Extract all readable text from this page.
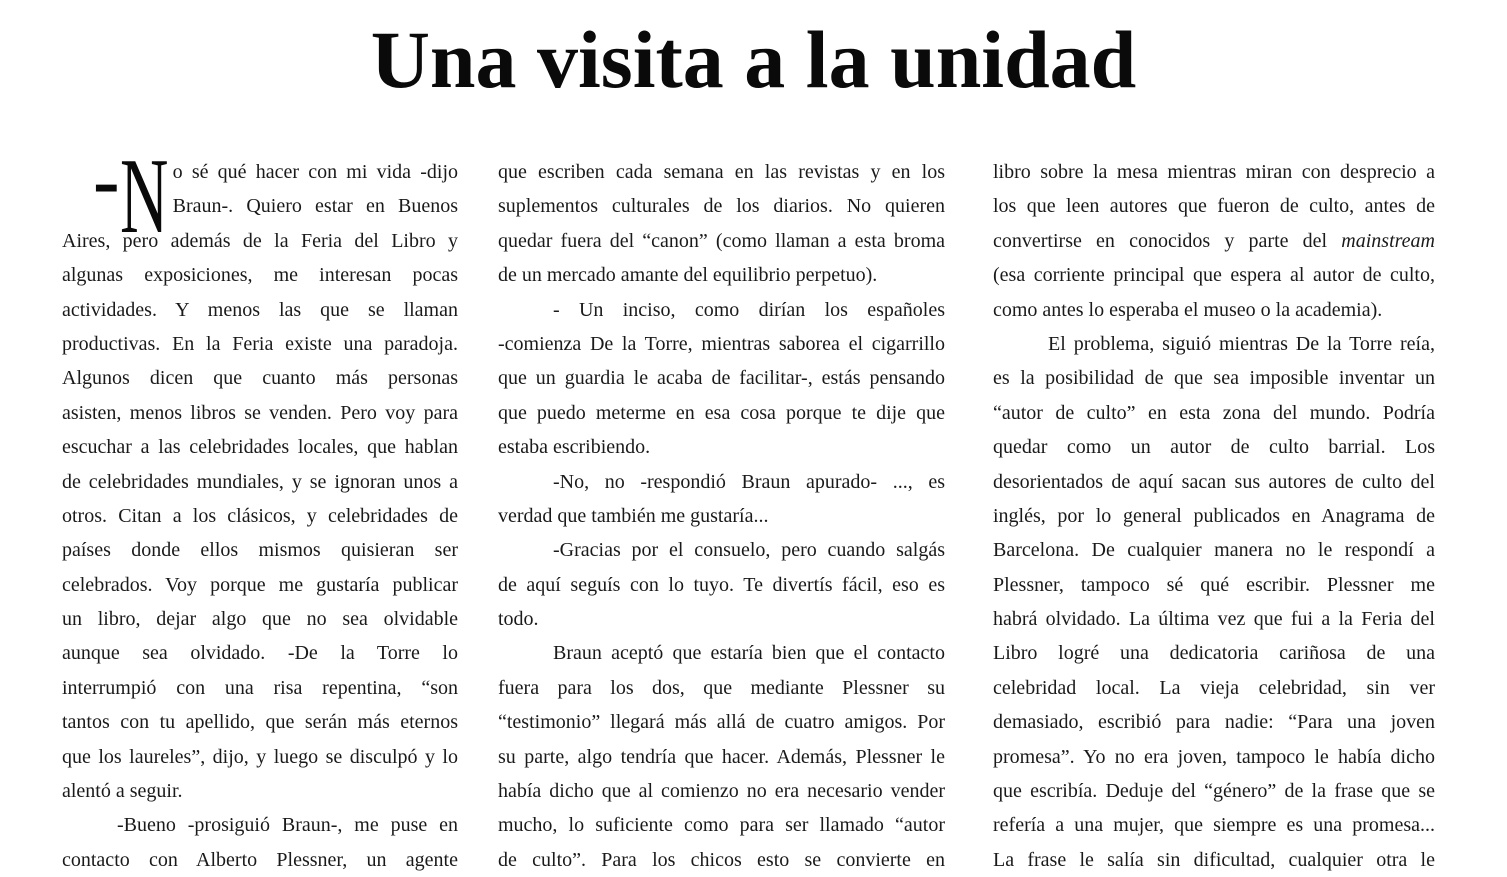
Una visita a la unidad
- N o sé qué hacer con mi vida -dijo
Braun-. Quiero estar en Buenos
Aires, pero además de la Feria del Libro y
algunas exposiciones, me interesan pocas
actividades. Y menos las que se llaman
productivas. En la Feria existe una paradoja.
Algunos dicen que cuanto más personas
asisten, menos libros se venden. Pero voy para
escuchar a las celebridades locales, que hablan
de celebridades mundiales, y se ignoran unos a
otros. Citan a los clásicos, y celebridades de
países donde ellos mismos quisieran ser
celebrados. Voy porque me gustaría publicar
un libro, dejar algo que no sea olvidable
aunque sea olvidado. -De la Torre lo
interrumpió con una risa repentina, “son
tantos con tu apellido, que serán más eternos
que los laureles”, dijo, y luego se disculpó y lo
alentó a seguir.
-Bueno -prosiguió Braun-, me puse en
contacto con Alberto Plessner, un agente
que escriben cada semana en las revistas y en los
suplementos culturales de los diarios. No quieren
quedar fuera del “canon” (como llaman a esta broma
de un mercado amante del equilibrio perpetuo).
- Un inciso, como dirían los españoles
-comienza De la Torre, mientras saborea el cigarrillo
que un guardia le acaba de facilitar-, estás pensando
que puedo meterme en esa cosa porque te dije que
estaba escribiendo.
-No, no -respondió Braun apurado- ..., es
verdad que también me gustaría...
-Gracias por el consuelo, pero cuando salgás
de aquí seguís con lo tuyo. Te divertís fácil, eso es
todo.
Braun aceptó que estaría bien que el contacto
fuera para los dos, que mediante Plessner su
“testimonio” llegará más allá de cuatro amigos. Por
su parte, algo tendría que hacer. Además, Plessner le
había dicho que al comienzo no era necesario vender
mucho, lo suficiente como para ser llamado “autor
de culto”. Para los chicos esto se convierte en
libro sobre la mesa mientras miran con desprecio a
los que leen autores que fueron de culto, antes de
convertirse en conocidos y parte del mainstream
(esa corriente principal que espera al autor de culto,
como antes lo esperaba el museo o la academia).
El problema, siguió mientras De la Torre reía,
es la posibilidad de que sea imposible inventar un
“autor de culto” en esta zona del mundo. Podría
quedar como un autor de culto barrial. Los
desorientados de aquí sacan sus autores de culto del
inglés, por lo general publicados en Anagrama de
Barcelona. De cualquier manera no le respondí a
Plessner, tampoco sé qué escribir. Plessner me
habrá olvidado. La última vez que fui a la Feria del
Libro logré una dedicatoria cariñosa de una
celebridad local. La vieja celebridad, sin ver
demasiado, escribió para nadie: “Para una joven
promesa”. Yo no era joven, tampoco le había dicho
que escribía. Deduje del “género” de la frase que se
refería a una mujer, que siempre es una promesa...
La frase le salía sin dificultad, cualquier otra le
